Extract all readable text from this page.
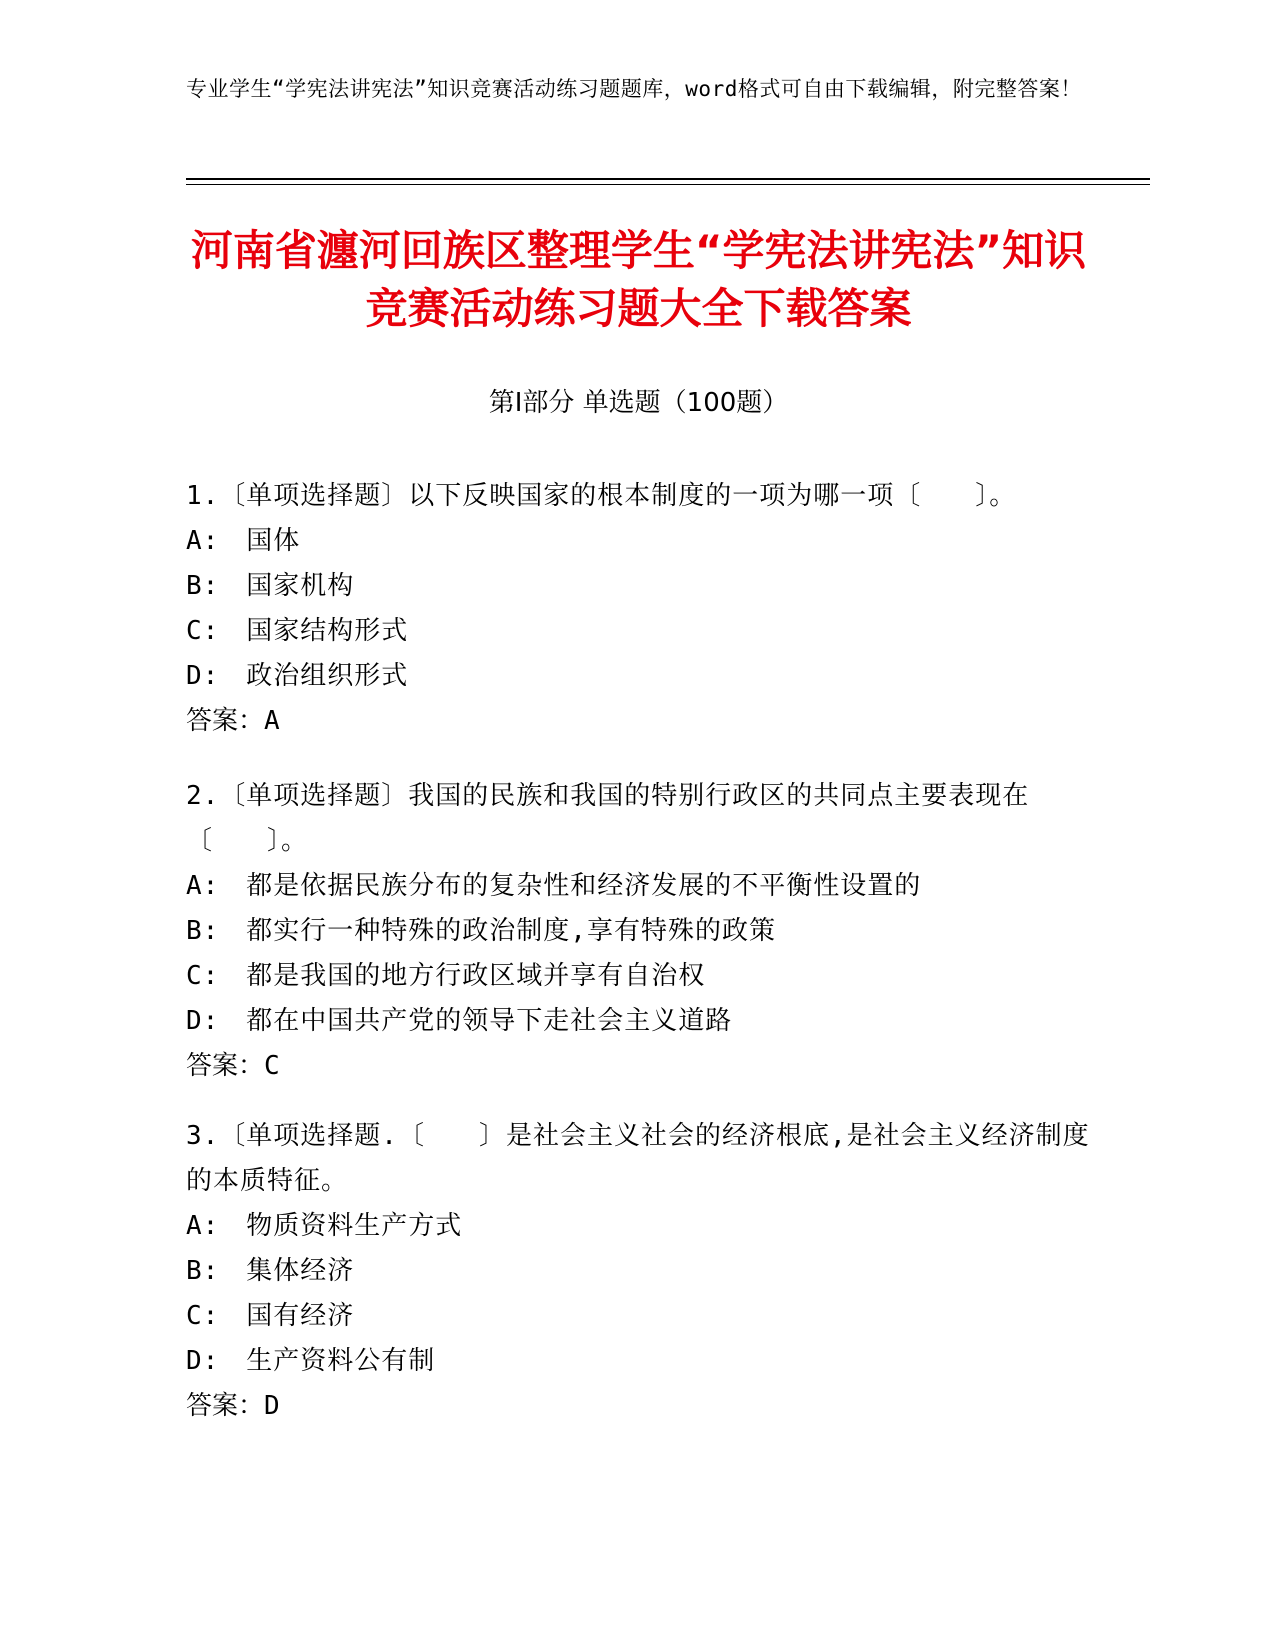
专业学生“学宪法讲宪法”知识竞赛活动练习题题库，word格式可自由下载编辑，附完整答案！
河南省瀍河回族区整理学生“学宪法讲宪法”知识竞赛活动练习题大全下载答案
第Ⅰ部分 单选题（100题）

1.〔单项选择题〕以下反映国家的根本制度的一项为哪一项〔　　〕。

A:　国体

B:　国家机构

C:　国家结构形式

D:　政治组织形式

答案：A

2.〔单项选择题〕我国的民族和我国的特别行政区的共同点主要表现在〔　　〕。

A:　都是依据民族分布的复杂性和经济发展的不平衡性设置的

B:　都实行一种特殊的政治制度,享有特殊的政策

C:　都是我国的地方行政区域并享有自治权

D:　都在中国共产党的领导下走社会主义道路

答案：C

3.〔单项选择题.〔　　〕是社会主义社会的经济根底,是社会主义经济制度的本质特征。

A:　物质资料生产方式

B:　集体经济

C:　国有经济

D:　生产资料公有制

答案：D
